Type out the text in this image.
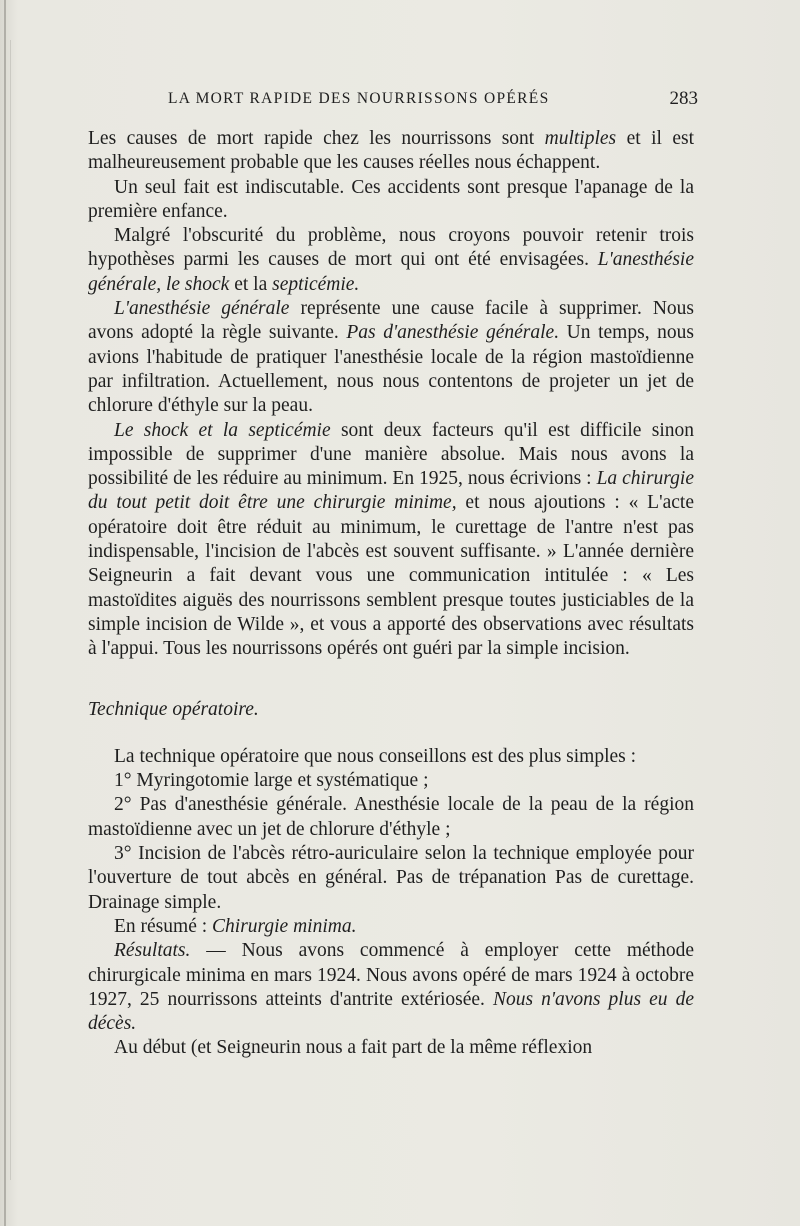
LA MORT RAPIDE DES NOURRISSONS OPÉRÉS	283

Les causes de mort rapide chez les nourrissons sont multiples et il est malheureusement probable que les causes réelles nous échappent.

Un seul fait est indiscutable. Ces accidents sont presque l'apanage de la première enfance.

Malgré l'obscurité du problème, nous croyons pouvoir retenir trois hypothèses parmi les causes de mort qui ont été envisagées. L'anesthésie générale, le shock et la septicémie.

L'anesthésie générale représente une cause facile à supprimer. Nous avons adopté la règle suivante. Pas d'anesthésie générale. Un temps, nous avions l'habitude de pratiquer l'anesthésie locale de la région mastoïdienne par infiltration. Actuellement, nous nous contentons de projeter un jet de chlorure d'éthyle sur la peau.

Le shock et la septicémie sont deux facteurs qu'il est difficile sinon impossible de supprimer d'une manière absolue. Mais nous avons la possibilité de les réduire au minimum. En 1925, nous écrivions : La chirurgie du tout petit doit être une chirurgie minime, et nous ajoutions : « L'acte opératoire doit être réduit au minimum, le curettage de l'antre n'est pas indispensable, l'incision de l'abcès est souvent suffisante. » L'année dernière Seigneurin a fait devant vous une communication intitulée : « Les mastoïdites aiguës des nourrissons semblent presque toutes justiciables de la simple incision de Wilde », et vous a apporté des observations avec résultats à l'appui. Tous les nourrissons opérés ont guéri par la simple incision.

Technique opératoire.

La technique opératoire que nous conseillons est des plus simples :

1° Myringotomie large et systématique ;

2° Pas d'anesthésie générale. Anesthésie locale de la peau de la région mastoïdienne avec un jet de chlorure d'éthyle ;

3° Incision de l'abcès rétro-auriculaire selon la technique employée pour l'ouverture de tout abcès en général. Pas de trépanation Pas de curettage. Drainage simple.

En résumé : Chirurgie minima.

Résultats. — Nous avons commencé à employer cette méthode chirurgicale minima en mars 1924. Nous avons opéré de mars 1924 à octobre 1927, 25 nourrissons atteints d'antrite extériosée. Nous n'avons plus eu de décès.

Au début (et Seigneurin nous a fait part de la même réflexion
